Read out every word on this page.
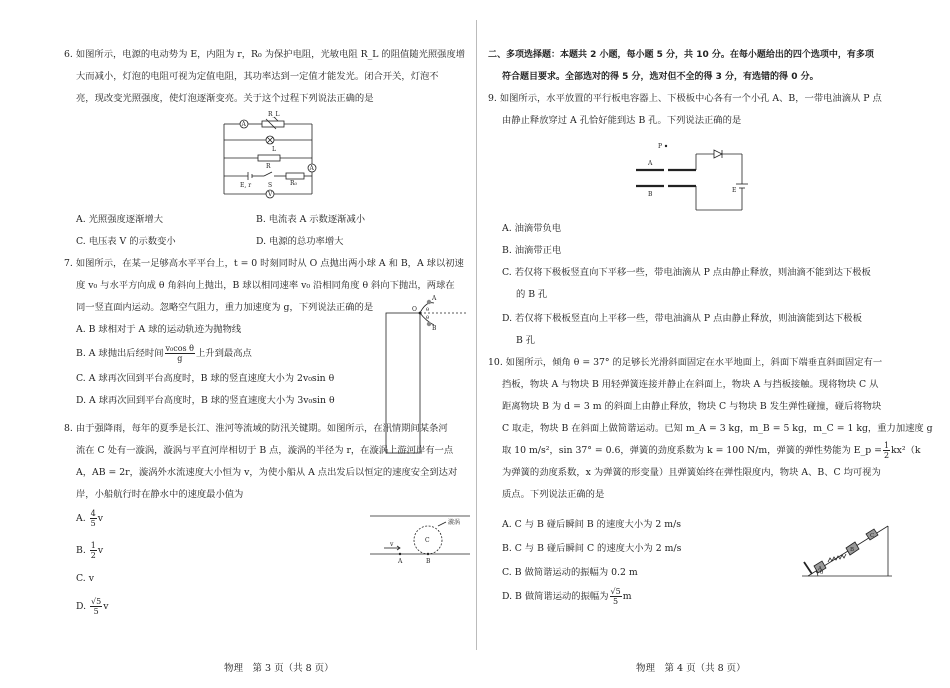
6. 如图所示，电源的电动势为 E，内阻为 r，R₀ 为保护电阻，光敏电阻 R_L 的阻值随光照强度增

大而减小，灯泡的电阻可视为定值电阻，其功率达到一定值才能发光。闭合开关，灯泡不

亮，现改变光照强度，使灯泡逐渐变亮。关于这个过程下列说法正确的是

A
R_L
L
R	A
E, r	S	R₀
V
A. 光照强度逐渐增大	B. 电流表 A 示数逐渐减小
C. 电压表 V 的示数变小	D. 电源的总功率增大

7. 如图所示，在某一足够高水平平台上，t = 0 时刻同时从 O 点抛出两小球 A 和 B，A 球以初速

度 v₀ 与水平方向成 θ 角斜向上抛出，B 球以相同速率 v₀ 沿相同角度 θ 斜向下抛出，两球在

同一竖直面内运动。忽略空气阻力，重力加速度为 g，下列说法正确的是

A. B 球相对于 A 球的运动轨迹为抛物线
B. A 球抛出后经时间 $\frac{\text{v₀cos θ}}{g}$ 上升到最高点
C. A 球再次回到平台高度时，B 球的竖直速度大小为 2v₀sin θ
D. A 球再次回到平台高度时，B 球的竖直速度大小为 3v₀sin θ
O
A
B
θ
θ

8. 由于强降雨，每年的夏季是长江、淮河等流域的防汛关键期。如图所示，在汛情期间某条河

流在 C 处有一漩涡，漩涡与平直河岸相切于 B 点，漩涡的半径为 r，在漩涡上游河岸有一点

A，AB = 2r，漩涡外水流速度大小恒为 v，为使小船从 A 点出发后以恒定的速度安全到达对

岸，小船航行时在静水中的速度最小值为

A. $\frac{4}{5}$ v
B. $\frac{1}{2}$ v
C. v
D. $\frac{√5}{5}$ v
漩涡
v
C
A	B

二、多项选择题：本题共 2 小题，每小题 5 分，共 10 分。在每小题给出的四个选项中，有多项

符合题目要求。全部选对的得 5 分，选对但不全的得 3 分，有选错的得 0 分。

9. 如图所示，水平放置的平行板电容器上、下极板中心各有一个小孔 A、B，一带电油滴从 P 点

由静止释放穿过 A 孔恰好能到达 B 孔。下列说法正确的是

P
A
B
E
A. 油滴带负电
B. 油滴带正电
C. 若仅将下极板竖直向下平移一些，带电油滴从 P 点由静止释放，则油滴不能到达下极板
的 B 孔
D. 若仅将下极板竖直向上平移一些，带电油滴从 P 点由静止释放，则油滴能到达下极板
B 孔

10. 如图所示，倾角 θ = 37° 的足够长光滑斜面固定在水平地面上，斜面下端垂直斜面固定有一

挡板，物块 A 与物块 B 用轻弹簧连接并静止在斜面上，物块 A 与挡板接触。现将物块 C 从

距离物块 B 为 d = 3 m 的斜面上由静止释放，物块 C 与物块 B 发生弹性碰撞，碰后将物块

C 取走，物块 B 在斜面上做简谐运动。已知 m_A = 3 kg，m_B = 5 kg，m_C = 1 kg，重力加速度 g

取 10 m/s²，sin 37° = 0.6，弹簧的劲度系数为 k = 100 N/m，弹簧的弹性势能为 E_p = $\frac{1}{2} kx^2(k$

为弹簧的劲度系数，x 为弹簧的形变量）且弹簧始终在弹性限度内，物块 A、B、C 均可视为

质点。下列说法正确的是

A. C 与 B 碰后瞬间 B 的速度大小为 2 m/s
B. C 与 B 碰后瞬间 C 的速度大小为 2 m/s
C. B 做简谐运动的振幅为 0.2 m
D. B 做简谐运动的振幅为 $\frac{√5}{5}$ m
C
B
A
θ
物理　第 3 页（共 8 页）	物理　第 4 页（共 8 页）
